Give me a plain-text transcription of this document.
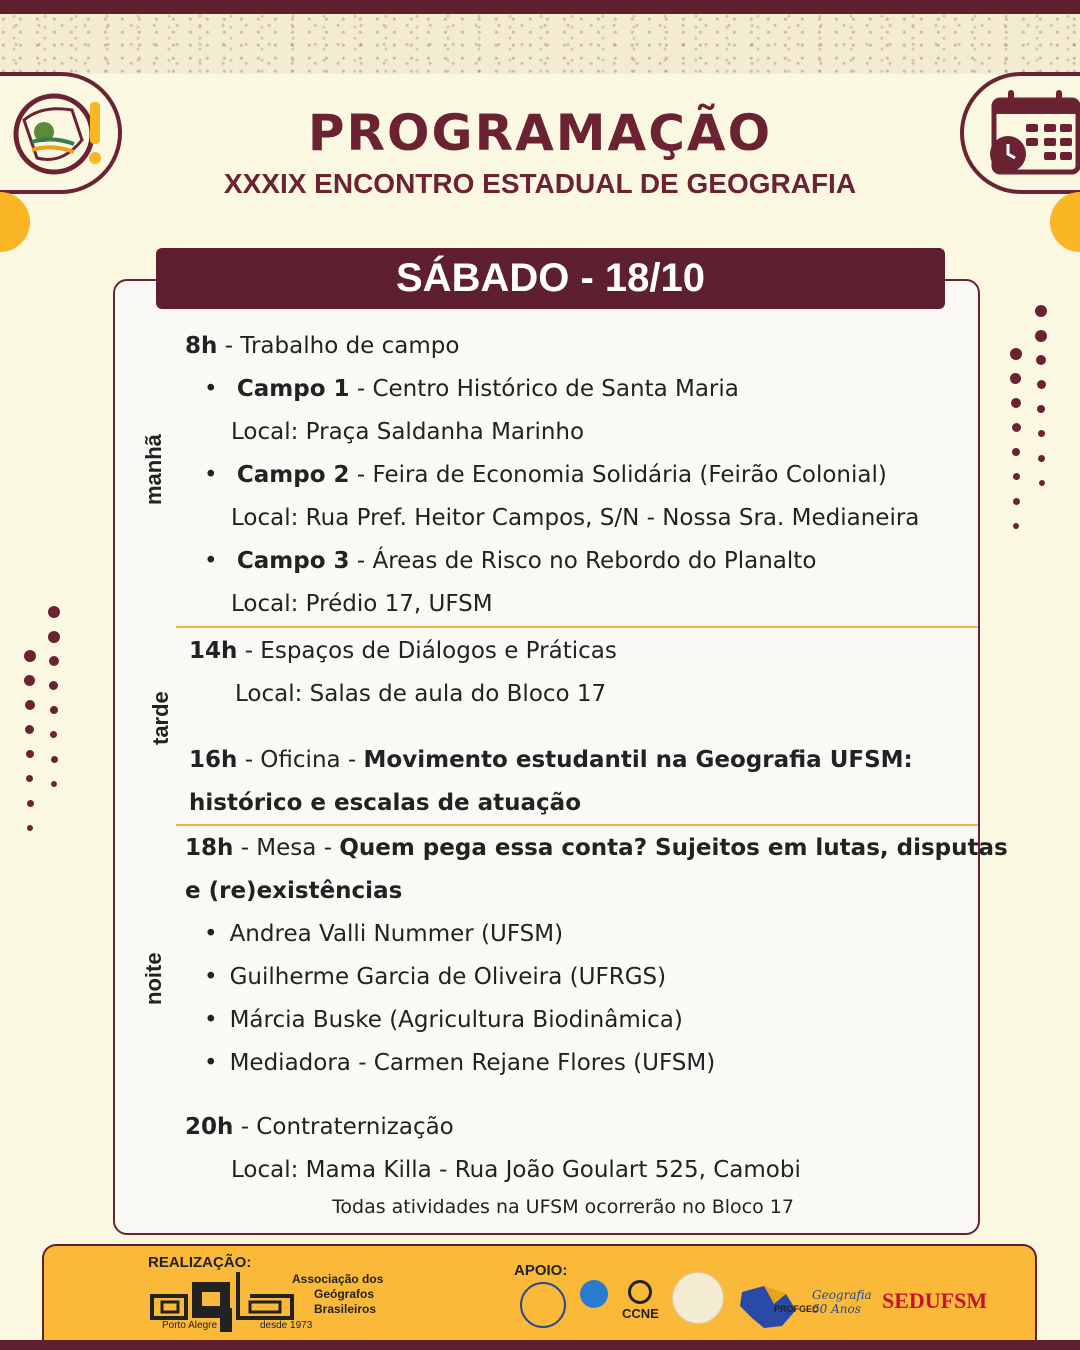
PROGRAMAÇÃO
XXXIX ENCONTRO ESTADUAL DE GEOGRAFIA
SÁBADO - 18/10
manhã
tarde
noite
8h - Trabalho de campo
• Campo 1 - Centro Histórico de Santa Maria
Local: Praça Saldanha Marinho
• Campo 2 - Feira de Economia Solidária (Feirão Colonial)
Local: Rua Pref. Heitor Campos, S/N - Nossa Sra. Medianeira
• Campo 3 - Áreas de Risco no Rebordo do Planalto
Local: Prédio 17, UFSM
14h - Espaços de Diálogos e Práticas
Local: Salas de aula do Bloco 17
16h - Oficina - Movimento estudantil na Geografia UFSM:
histórico e escalas de atuação
18h - Mesa - Quem pega essa conta? Sujeitos em lutas, disputas
e (re)existências
• Andrea Valli Nummer (UFSM)
• Guilherme Garcia de Oliveira (UFRGS)
• Márcia Buske (Agricultura Biodinâmica)
• Mediadora - Carmen Rejane Flores (UFSM)
20h - Contraternização
Local: Mama Killa - Rua João Goulart 525, Camobi
Todas atividades na UFSM ocorrerão no Bloco 17
REALIZAÇÃO:
Associação dos
Geógrafos
Brasileiros
Porto Alegre	desde 1973
APOIO:
CCNE	PROFGEO
Geografia 60 Anos SEDUFSM
